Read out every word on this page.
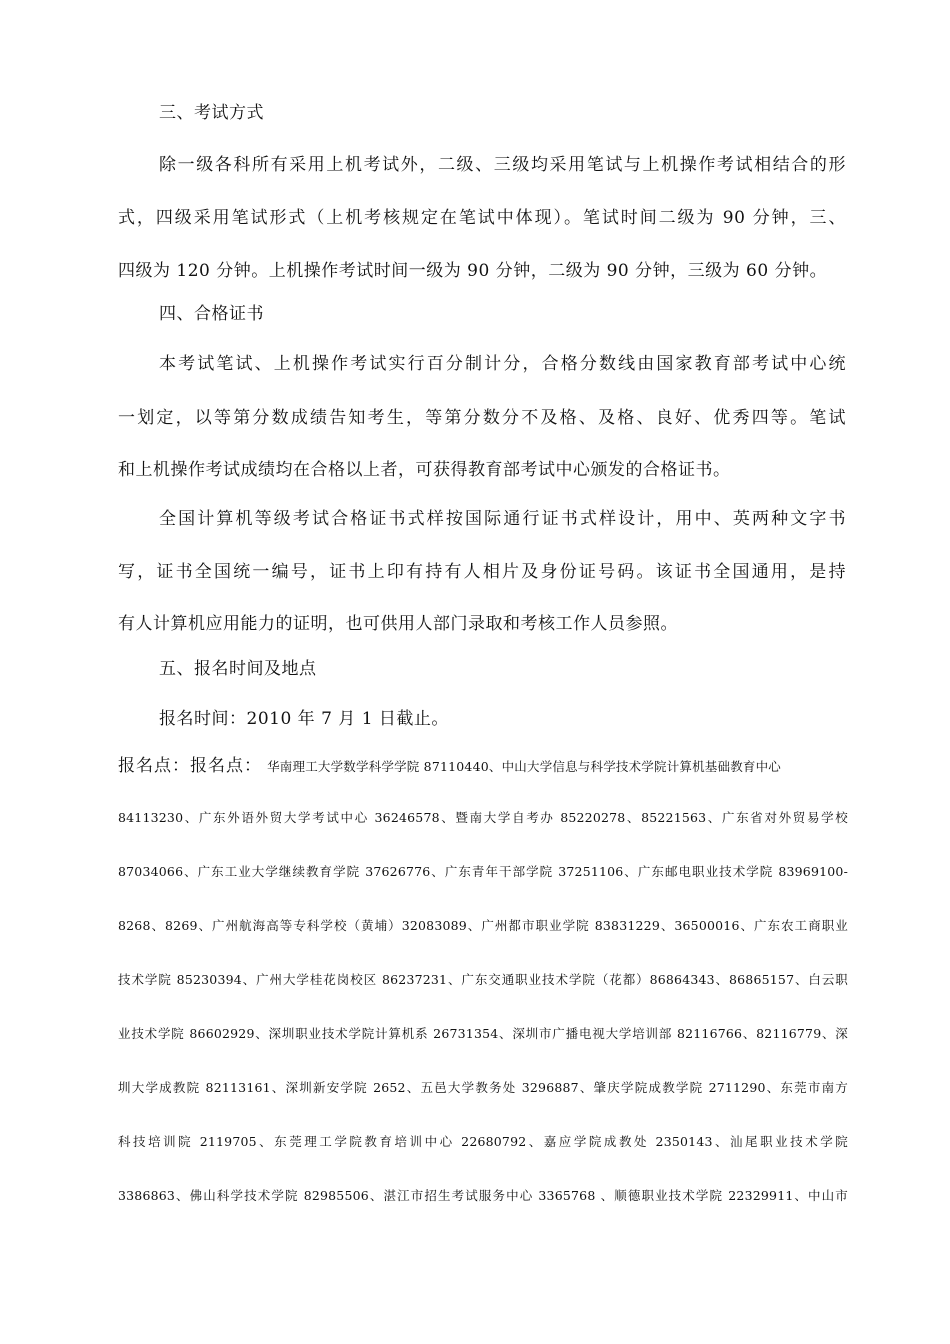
三、考试方式
除一级各科所有采用上机考试外，二级、三级均采用笔试与上机操作考试相结合的形
式，四级采用笔试形式（上机考核规定在笔试中体现）。笔试时间二级为 90 分钟，三、
四级为 120 分钟。上机操作考试时间一级为 90 分钟，二级为 90 分钟，三级为 60 分钟。
四、合格证书
本考试笔试、上机操作考试实行百分制计分，合格分数线由国家教育部考试中心统
一划定，以等第分数成绩告知考生，等第分数分不及格、及格、良好、优秀四等。笔试
和上机操作考试成绩均在合格以上者，可获得教育部考试中心颁发的合格证书。
全国计算机等级考试合格证书式样按国际通行证书式样设计，用中、英两种文字书
写，证书全国统一编号，证书上印有持有人相片及身份证号码。该证书全国通用，是持
有人计算机应用能力的证明，也可供用人部门录取和考核工作人员参照。
五、报名时间及地点
报名时间：2010 年 7 月 1 日截止。
报名点：报名点： 华南理工大学数学科学学院 87110440、中山大学信息与科学技术学院计算机基础教育中心
84113230、广东外语外贸大学考试中心 36246578、暨南大学自考办 85220278、85221563、广东省对外贸易学校
87034066、广东工业大学继续教育学院 37626776、广东青年干部学院 37251106、广东邮电职业技术学院 83969100-
8268、8269、广州航海高等专科学校（黄埔）32083089、广州都市职业学院 83831229、36500016、广东农工商职业
技术学院 85230394、广州大学桂花岗校区 86237231、广东交通职业技术学院（花都）86864343、86865157、白云职
业技术学院 86602929、深圳职业技术学院计算机系 26731354、深圳市广播电视大学培训部 82116766、82116779、深
圳大学成教院 82113161、深圳新安学院 2652、五邑大学教务处 3296887、肇庆学院成教学院 2711290、东莞市南方
科技培训院 2119705、东莞理工学院教育培训中心 22680792、嘉应学院成教处 2350143、汕尾职业技术学院
3386863、佛山科学技术学院 82985506、湛江市招生考试服务中心 3365768 、顺德职业技术学院 22329911、中山市
